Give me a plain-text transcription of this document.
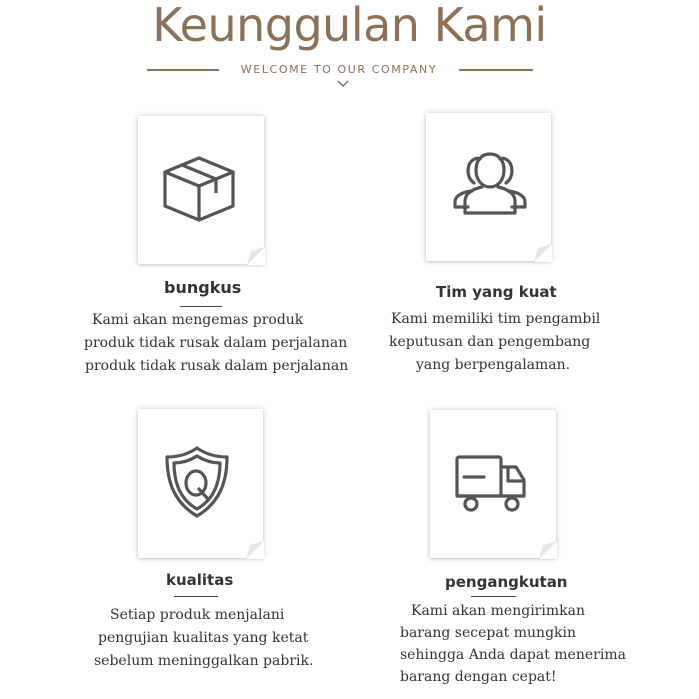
Keunggulan Kami
WELCOME TO OUR COMPANY
bungkus
Kami akan mengemas produk
produk tidak rusak dalam perjalanan
produk tidak rusak dalam perjalanan
Tim yang kuat
Kami memiliki tim pengambil
keputusan dan pengembang
yang berpengalaman.
kualitas
Setiap produk menjalani
pengujian kualitas yang ketat
sebelum meninggalkan pabrik.
pengangkutan
Kami akan mengirimkan
barang secepat mungkin
sehingga Anda dapat menerima
barang dengan cepat!
